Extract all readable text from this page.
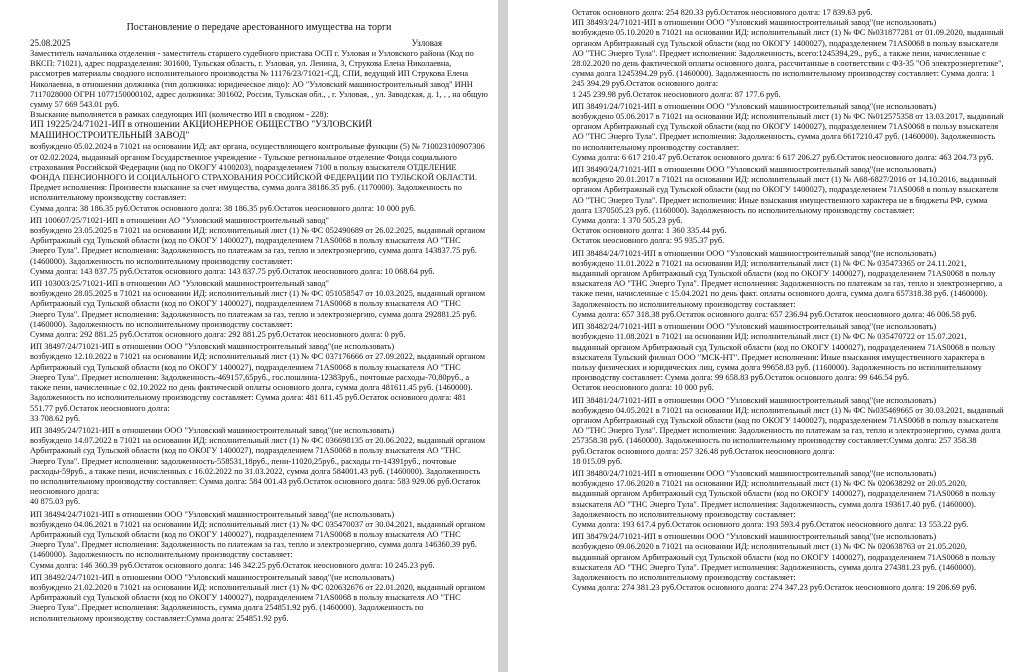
Постановление о передаче арестованного имущества на торги

25.08.2025	Узловая

Заместитель начальника отделения - заместитель старшего судебного пристава ОСП г. Узловая и Узловского района (Код по ВКСП: 71021), адрес подразделения: 301600, Тульская область, г. Узловая, ул. Ленина, 3, Струкова Елена Николаевна, рассмотрев материалы сводного исполнительного производства № 11176/23/71021-СД, СПИ, ведущий ИП Струкова Елена Николаевна, в отношении должника (тип должника: юридическое лицо): АО "Узловский машиностроительный завод" ИНН 7117028000 ОГРН 1077150000102, адрес должника: 301602, Россия, Тульская обл., , г. Узловая, , ул. Заводская, д. 1, , , на общую сумму 57 669 543.01 руб.

Взыскание выполняется в рамках следующих ИП (количество ИП в сводном - 228):

ИП 19225/24/71021-ИП в отношении АКЦИОНЕРНОЕ ОБЩЕСТВО "УЗЛОВСКИЙ МАШИНОСТРОИТЕЛЬНЫЙ ЗАВОД"
возбуждено 05.02.2024 в 71021 на основании ИД: акт органа, осуществляющего контрольные функции (5) № 710023100907306 от 02.02.2024, выданный органом Государственное учреждение - Тульское региональное отделение Фонда социального страхования Российской Федерации (код по ОКОГУ 4100203), подразделением 7100 в пользу взыскателя ОТДЕЛЕНИЕ ФОНДА ПЕНСИОННОГО И СОЦИАЛЬНОГО СТРАХОВАНИЯ РОССИЙСКОЙ ФЕДЕРАЦИИ ПО ТУЛЬСКОЙ ОБЛАСТИ. Предмет исполнения: Произвести взыскание за счет имущества, сумма долга 38186.35 руб. (1170000). Задолженность по исполнительному производству составляет:
Сумма долга: 38 186.35 руб.Остаток основного долга: 38 186.35 руб.Остаток неосновного долга: 10 000 руб.
ИП 100607/25/71021-ИП в отношении АО "Узловский машиностроительный завод"
возбуждено 23.05.2025 в 71021 на основании ИД: исполнительный лист (1) № ФС 052490689 от 26.02.2025, выданный органом Арбитражный суд Тульской области (код по ОКОГУ 1400027), подразделением 71AS0068 в пользу взыскателя АО "ТНС Энерго Тула". Предмет исполнения: Задолженность по платежам за газ, тепло и электроэнергию, сумма долга 143837.75 руб. (1460000). Задолженность по исполнительному производству составляет:
Сумма долга: 143 837.75 руб.Остаток основного долга: 143 837.75 руб.Остаток неосновного долга: 10 068.64 руб.
ИП 103003/25/71021-ИП в отношении АО "Узловский машиностроительный завод"
возбуждено 28.05.2025 в 71021 на основании ИД: исполнительный лист (1) № ФС 051058547 от 10.03.2025, выданный органом Арбитражный суд Тульской области (код по ОКОГУ 1400027), подразделением 71AS0068 в пользу взыскателя АО "ТНС Энерго Тула". Предмет исполнения: Задолженность по платежам за газ, тепло и электроэнергию, сумма долга 292881.25 руб. (1460000). Задолженность по исполнительному производству составляет:
Сумма долга: 292 881.25 руб.Остаток основного долга: 292 881.25 руб.Остаток неосновного долга: 0 руб.
ИП 38497/24/71021-ИП в отношении ООО "Узловский машиностроительный завод"(не использовать)
возбуждено 12.10.2022 в 71021 на основании ИД: исполнительный лист (1) № ФС 037176666 от 27.09.2022, выданный органом Арбитражный суд Тульской области (код по ОКОГУ 1400027), подразделением 71AS0068 в пользу взыскателя АО "ТНС Энерго Тула". Предмет исполнения: Задолженность-469157,65руб., гос.пошлина-12383руб., почтовые расходы-70,80руб., а также пени, начисленные с 02.10.2022 по день фактической оплаты основного долга, сумма долга 481611.45 руб. (1460000). Задолженность по исполнительному производству составляет: Сумма долга: 481 611.45 руб.Остаток основного долга: 481 551.77 руб.Остаток неосновного долга:
33 708.62 руб.
ИП 38495/24/71021-ИП в отношении ООО "Узловский машиностроительный завод"(не использовать)
возбуждено 14.07.2022 в 71021 на основании ИД: исполнительный лист (1) № ФС 036698135 от 20.06.2022, выданный органом Арбитражный суд Тульской области (код по ОКОГУ 1400027), подразделением 71AS0068 в пользу взыскателя АО "ТНС Энерго Тула". Предмет исполнения: задолженность-558531,18руб., пени-11020,25руб., расходы гп-14391руб., почтовые расходы-59руб., а также пени, исчисленных с 16.02.2022 по 31.03.2022, сумма долга 584001.43 руб. (1460000). Задолженность по исполнительному производству составляет: Сумма долга: 584 001.43 руб.Остаток основного долга: 583 929.06 руб.Остаток неосновного долга:
40 875.03 руб.
ИП 38494/24/71021-ИП в отношении ООО "Узловский машиностроительный завод"(не использовать)
возбуждено 04.06.2021 в 71021 на основании ИД: исполнительный лист (1) № ФС 035470037 от 30.04.2021, выданный органом Арбитражный суд Тульской области (код по ОКОГУ 1400027), подразделением 71AS0068 в пользу взыскателя АО "ТНС Энерго Тула". Предмет исполнения: Задолженность по платежам за газ, тепло и электроэнергию, сумма долга 146360.39 руб. (1460000). Задолженность по исполнительному производству составляет:
Сумма долга: 146 360.39 руб.Остаток основного долга: 146 342.25 руб.Остаток неосновного долга: 10 245.23 руб.
ИП 38492/24/71021-ИП в отношении ООО "Узловский машиностроительный завод"(не использовать)
возбуждено 21.02.2020 в 71021 на основании ИД: исполнительный лист (1) № ФС 020632676 от 22.01.2020, выданный органом Арбитражный суд Тульской области (код по ОКОГУ 1400027), подразделением 71AS0068 в пользу взыскателя АО "ТНС Энерго Тула". Предмет исполнения: Задолженность, сумма долга 254851.92 руб. (1460000). Задолженность по исполнительному производству составляет:Сумма долга: 254851.92 руб.

Остаток основного долга: 254 820.33 руб.Остаток неосновного долга: 17 839.63 руб.

ИП 38493/24/71021-ИП в отношении ООО "Узловский машиностроительный завод"(не использовать)
возбуждено 05.10.2020 в 71021 на основании ИД: исполнительный лист (1) № ФС №031877281 от 01.09.2020, выданный органом Арбитражный суд Тульской области (код по ОКОГУ 1400027), подразделением 71AS0068 в пользу взыскателя АО "ТНС Энерго Тула". Предмет исполнения: Задолженность, всего:1245394,29., руб., а также пени, начисленные с 28.02.2020 по день фактической оплаты основного долга, рассчитанные в соответствии с ФЗ-35 "Об электроэнергетике", сумма долга 1245394.29 руб. (1460000). Задолженность по исполнительному производству составляет: Сумма долга: 1 245 394.29 руб.Остаток основного долга:
1 245 239.98 руб.Остаток неосновного долга: 87 177.6 руб.
ИП 38491/24/71021-ИП в отношении ООО "Узловский машиностроительный завод"(не использовать)
возбуждено 05.06.2017 в 71021 на основании ИД: исполнительный лист (1) № ФС №012575358 от 13.03.2017, выданный органом Арбитражный суд Тульской области (код по ОКОГУ 1400027), подразделением 71AS0068 в пользу взыскателя АО "ТНС Энерго Тула". Предмет исполнения: Задолженность, сумма долга 6617210.47 руб. (1460000). Задолженность по исполнительному производству составляет:
Сумма долга: 6 617 210.47 руб.Остаток основного долга: 6 617 206.27 руб.Остаток неосновного долга: 463 204.73 руб.
ИП 38490/24/71021-ИП в отношении ООО "Узловский машиностроительный завод"(не использовать)
возбуждено 20.01.2017 в 71021 на основании ИД: исполнительный лист (1) № А68-6827/2016 от 14.10.2016, выданный органом Арбитражный суд Тульской области (код по ОКОГУ 1400027), подразделением 71AS0068 в пользу взыскателя АО "ТНС Энерго Тула". Предмет исполнения: Иные взыскания имущественного характера не в бюджеты РФ, сумма долга 1370505.23 руб. (1160000). Задолженность по исполнительному производству составляет:
Сумма долга: 1 370 505.23 руб.
Остаток основного долга: 1 360 335.44 руб.
Остаток неосновного долга: 95 935.37 руб.
ИП 38484/24/71021-ИП в отношении ООО "Узловский машиностроительный завод"(не использовать)
возбуждено 11.01.2022 в 71021 на основании ИД: исполнительный лист (1) № ФС № 035473365 от 24.11.2021, выданный органом Арбитражный суд Тульской области (код по ОКОГУ 1400027), подразделением 71AS0068 в пользу взыскателя АО "ТНС Энерго Тула". Предмет исполнения: Задолженность по платежам за газ, тепло и электроэнергию, а также пени, начисленные с 15.04.2021 по день факт. оплаты основного долга, сумма долга 657318.38 руб. (1460000). Задолженность по исполнительному производству составляет:
Сумма долга: 657 318.38 руб.Остаток основного долга: 657 236.94 руб.Остаток неосновного долга: 46 006.58 руб.
ИП 38482/24/71021-ИП в отношении ООО "Узловский машиностроительный завод"(не использовать)
возбуждено 11.08.2021 в 71021 на основании ИД: исполнительный лист (1) № ФС № 035470722 от 15.07.2021, выданный органом Арбитражный суд Тульской области (код по ОКОГУ 1400027), подразделением 71AS0068 в пользу взыскателя Тульский филиал ООО "МСК-НТ". Предмет исполнения: Иные взыскания имущественного характера в пользу физических и юридических лиц, сумма долга 99658.83 руб. (1160000). Задолженность по исполнительному производству составляет: Сумма долга: 99 658.83 руб.Остаток основного долга: 99 646.54 руб.
Остаток неосновного долга: 10 000 руб.
ИП 38481/24/71021-ИП в отношении ООО "Узловский машиностроительный завод"(не использовать)
возбуждено 04.05.2021 в 71021 на основании ИД: исполнительный лист (1) № ФС №035469665 от 30.03.2021, выданный органом Арбитражный суд Тульской области (код по ОКОГУ 1400027), подразделением 71AS0068 в пользу взыскателя АО "ТНС Энерго Тула". Предмет исполнения: Задолженность по платежам за газ, тепло и электроэнергию, сумма долга 257358.38 руб. (1460000). Задолженность по исполнительному производству составляет:Сумма долга: 257 358.38 руб.Остаток основного долга: 257 326.48 руб.Остаток неосновного долга:
18 015.09 руб.
ИП 38480/24/71021-ИП в отношении ООО "Узловский машиностроительный завод"(не использовать)
возбуждено 17.06.2020 в 71021 на основании ИД: исполнительный лист (1) № ФС № 020638292 от 20.05.2020, выданный органом Арбитражный суд Тульской области (код по ОКОГУ 1400027), подразделением 71AS0068 в пользу взыскателя АО "ТНС Энерго Тула". Предмет исполнения: Задолженность, сумма долга 193617.40 руб. (1460000). Задолженность по исполнительному производству составляет:
Сумма долга: 193 617.4 руб.Остаток основного долга: 193 593.4 руб.Остаток неосновного долга: 13 553.22 руб.
ИП 38479/24/71021-ИП в отношении ООО "Узловский машиностроительный завод"(не использовать)
возбуждено 09.06.2020 в 71021 на основании ИД: исполнительный лист (1) № ФС № 020638763 от 21.05.2020, выданный органом Арбитражный суд Тульской области (код по ОКОГУ 1400027), подразделением 71AS0068 в пользу взыскателя АО "ТНС Энерго Тула". Предмет исполнения: Задолженность, сумма долга 274381.23 руб. (1460000). Задолженность по исполнительному производству составляет:
Сумма долга: 274 381.23 руб.Остаток основного долга: 274 347.23 руб.Остаток неосновного долга: 19 206.69 руб.
